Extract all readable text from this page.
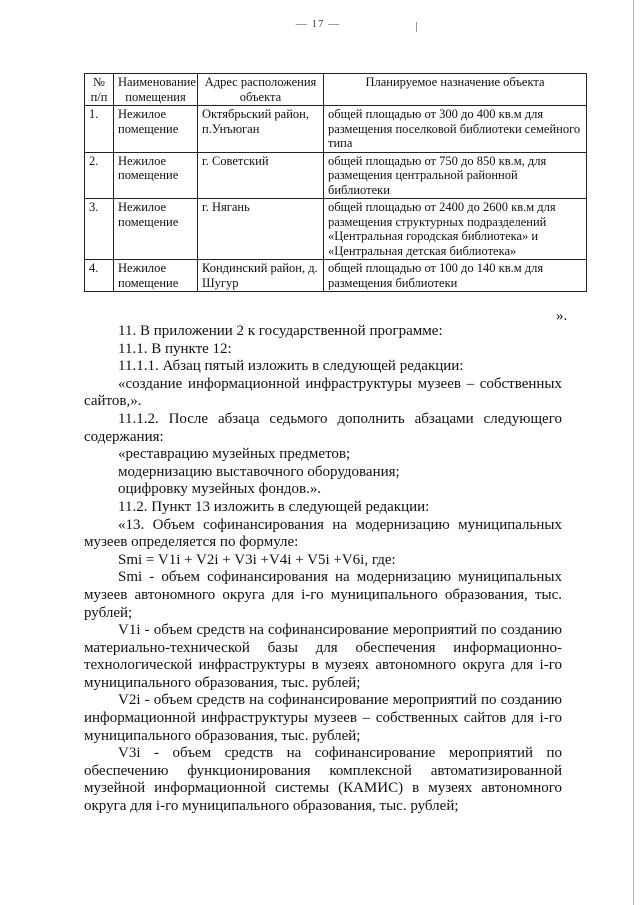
— 17 —
№ п/п	Наименование помещения	Адрес расположения объекта	Планируемое назначение объекта
1.	Нежилое помещение	Октябрьский район, п.Унъюган	общей площадью от 300 до 400 кв.м для размещения поселковой библиотеки семейного типа
2.	Нежилое помещение	г. Советский	общей площадью от 750 до 850 кв.м, для размещения центральной районной библиотеки
3.	Нежилое помещение	г. Нягань	общей площадью от 2400 до 2600 кв.м для размещения структурных подразделений «Центральная городская библиотека» и «Центральная детская библиотека»
4.	Нежилое помещение	Кондинский район, д. Шугур	общей площадью от 100 до 140 кв.м для размещения библиотеки
».

11. В приложении 2 к государственной программе:

11.1. В пункте 12:

11.1.1. Абзац пятый изложить в следующей редакции:

«создание информационной инфраструктуры музеев – собственных сайтов,».

11.1.2. После абзаца седьмого дополнить абзацами следующего содержания:

«реставрацию музейных предметов;

модернизацию выставочного оборудования;

оцифровку музейных фондов.».

11.2. Пункт 13 изложить в следующей редакции:

«13. Объем софинансирования на модернизацию муниципальных музеев определяется по формуле:

Smi = V1i + V2i + V3i +V4i + V5i +V6i, где:

Smi - объем софинансирования на модернизацию муниципальных музеев автономного округа для i-го муниципального образования, тыс. рублей;

V1i - объем средств на софинансирование мероприятий по созданию материально-технической базы для обеспечения информационно-технологической инфраструктуры в музеях автономного округа для i-го муниципального образования, тыс. рублей;

V2i - объем средств на софинансирование мероприятий по созданию информационной инфраструктуры музеев – собственных сайтов для i-го муниципального образования, тыс. рублей;

V3i - объем средств на софинансирование мероприятий по обеспечению функционирования комплексной автоматизированной музейной информационной системы (КАМИС) в музеях автономного округа для i-го муниципального образования, тыс. рублей;
